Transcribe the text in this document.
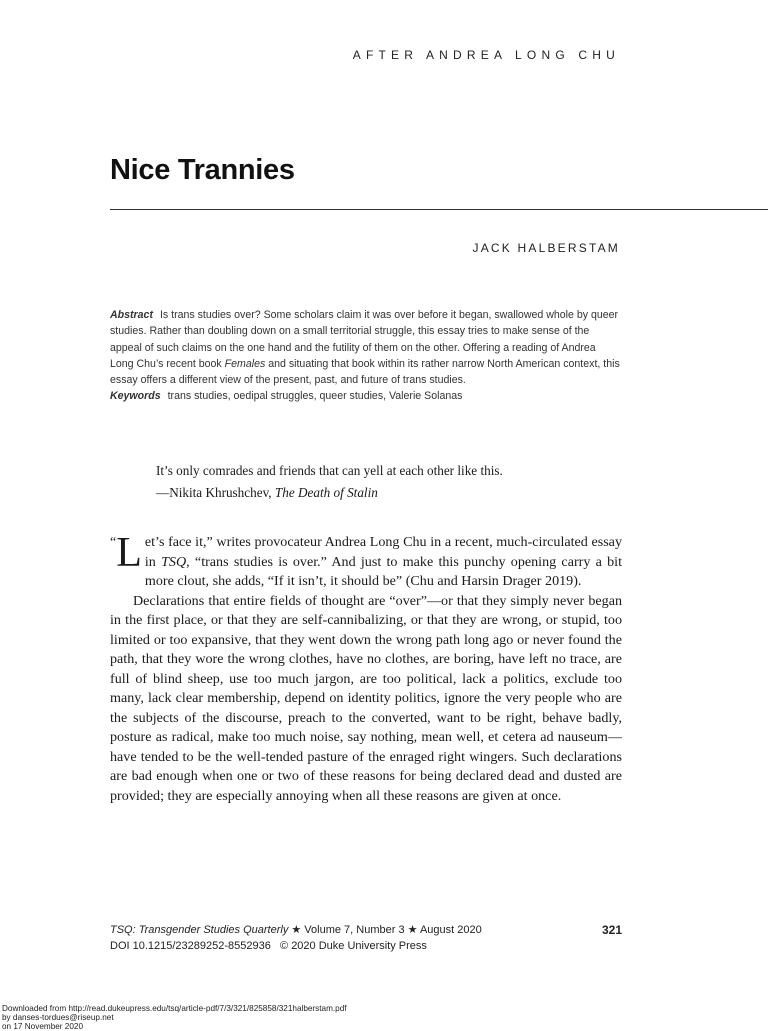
AFTER ANDREA LONG CHU
Nice Trannies
JACK HALBERSTAM

Abstract Is trans studies over? Some scholars claim it was over before it began, swallowed whole by queer studies. Rather than doubling down on a small territorial struggle, this essay tries to make sense of the appeal of such claims on the one hand and the futility of them on the other. Offering a reading of Andrea Long Chu’s recent book Females and situating that book within its rather narrow North American context, this essay offers a different view of the present, past, and future of trans studies.

Keywords trans studies, oedipal struggles, queer studies, Valerie Solanas

It’s only comrades and friends that can yell at each other like this.

—Nikita Khrushchev, The Death of Stalin

“ L et’s face it,” writes provocateur Andrea Long Chu in a recent, much-circulated essay in TSQ, “trans studies is over.” And just to make this punchy opening carry a bit more clout, she adds, “If it isn’t, it should be” (Chu and Harsin Drager 2019).

Declarations that entire fields of thought are “over”—or that they simply never began in the first place, or that they are self-cannibalizing, or that they are wrong, or stupid, too limited or too expansive, that they went down the wrong path long ago or never found the path, that they wore the wrong clothes, have no clothes, are boring, have left no trace, are full of blind sheep, use too much jargon, are too political, lack a politics, exclude too many, lack clear membership, depend on identity politics, ignore the very people who are the subjects of the discourse, preach to the converted, want to be right, behave badly, posture as radical, make too much noise, say nothing, mean well, et cetera ad nauseum—have tended to be the well-tended pasture of the enraged right wingers. Such declarations are bad enough when one or two of these reasons for being declared dead and dusted are provided; they are especially annoying when all these reasons are given at once.

TSQ: Transgender Studies Quarterly ★ Volume 7, Number 3 ★ August 2020	321
DOI 10.1215/23289252-8552936   © 2020 Duke University Press
Downloaded from http://read.dukeupress.edu/tsq/article-pdf/7/3/321/825858/321halberstam.pdf
by danses-tordues@riseup.net
on 17 November 2020
